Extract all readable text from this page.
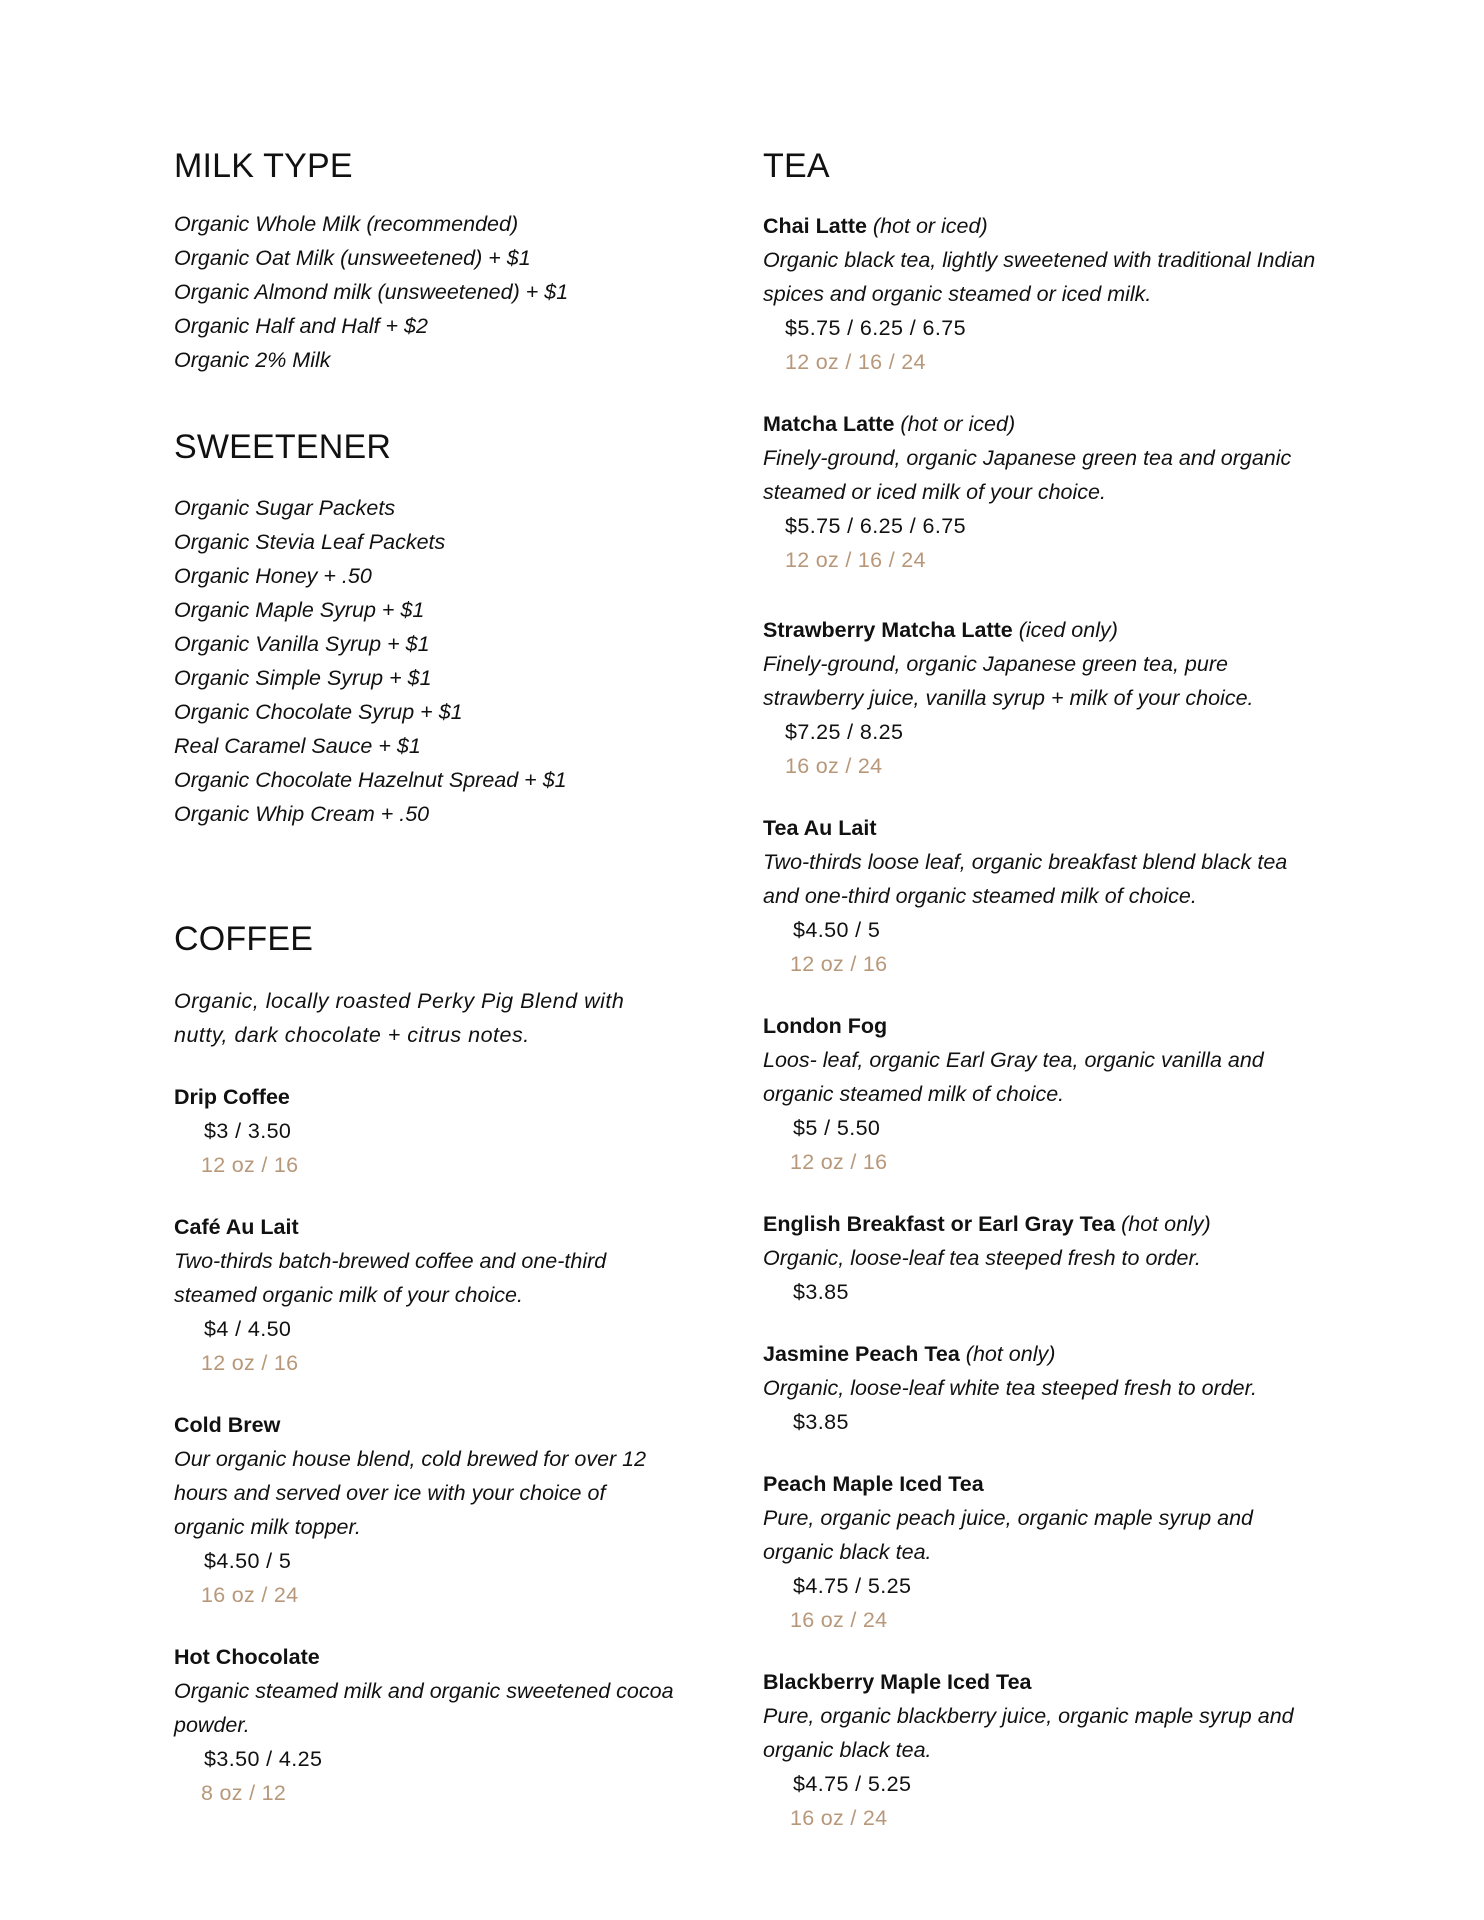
MILK TYPE
Organic Whole Milk (recommended)
Organic Oat Milk (unsweetened) + $1
Organic Almond milk (unsweetened) + $1
Organic Half and Half + $2
Organic 2% Milk
SWEETENER
Organic Sugar Packets
Organic Stevia Leaf Packets
Organic Honey + .50
Organic Maple Syrup + $1
Organic Vanilla Syrup + $1
Organic Simple Syrup + $1
Organic Chocolate Syrup + $1
Real Caramel Sauce + $1
Organic Chocolate Hazelnut Spread + $1
Organic Whip Cream + .50
COFFEE
Organic, locally roasted Perky Pig Blend with nutty, dark chocolate + citrus notes.
Drip Coffee
$3 / 3.50
12 oz / 16
Café Au Lait
Two-thirds batch-brewed coffee and one-third steamed organic milk of your choice.
$4 / 4.50
12 oz / 16
Cold Brew
Our organic house blend, cold brewed for over 12 hours and served over ice with your choice of organic milk topper.
$4.50 / 5
16 oz / 24
Hot Chocolate
Organic steamed milk and organic sweetened cocoa powder.
$3.50 / 4.25
8 oz / 12
TEA
Chai Latte (hot or iced)
Organic black tea, lightly sweetened with traditional Indian spices and organic steamed or iced milk.
$5.75 / 6.25 / 6.75
12 oz / 16 / 24
Matcha Latte (hot or iced)
Finely-ground, organic Japanese green tea and organic steamed or iced milk of your choice.
$5.75 / 6.25 / 6.75
12 oz / 16 / 24
Strawberry Matcha Latte (iced only)
Finely-ground, organic Japanese green tea, pure strawberry juice, vanilla syrup + milk of your choice.
$7.25 / 8.25
16 oz / 24
Tea Au Lait
Two-thirds loose leaf, organic breakfast blend black tea and one-third organic steamed milk of choice.
$4.50 / 5
12 oz / 16
London Fog
Loos- leaf, organic Earl Gray tea, organic vanilla and organic steamed milk of choice.
$5 / 5.50
12 oz / 16
English Breakfast or Earl Gray Tea (hot only)
Organic, loose-leaf tea steeped fresh to order.
$3.85
Jasmine Peach Tea (hot only)
Organic, loose-leaf white tea steeped fresh to order.
$3.85
Peach Maple Iced Tea
Pure, organic peach juice, organic maple syrup and organic black tea.
$4.75 / 5.25
16 oz / 24
Blackberry Maple Iced Tea
Pure, organic blackberry juice, organic maple syrup and organic black tea.
$4.75 / 5.25
16 oz / 24
